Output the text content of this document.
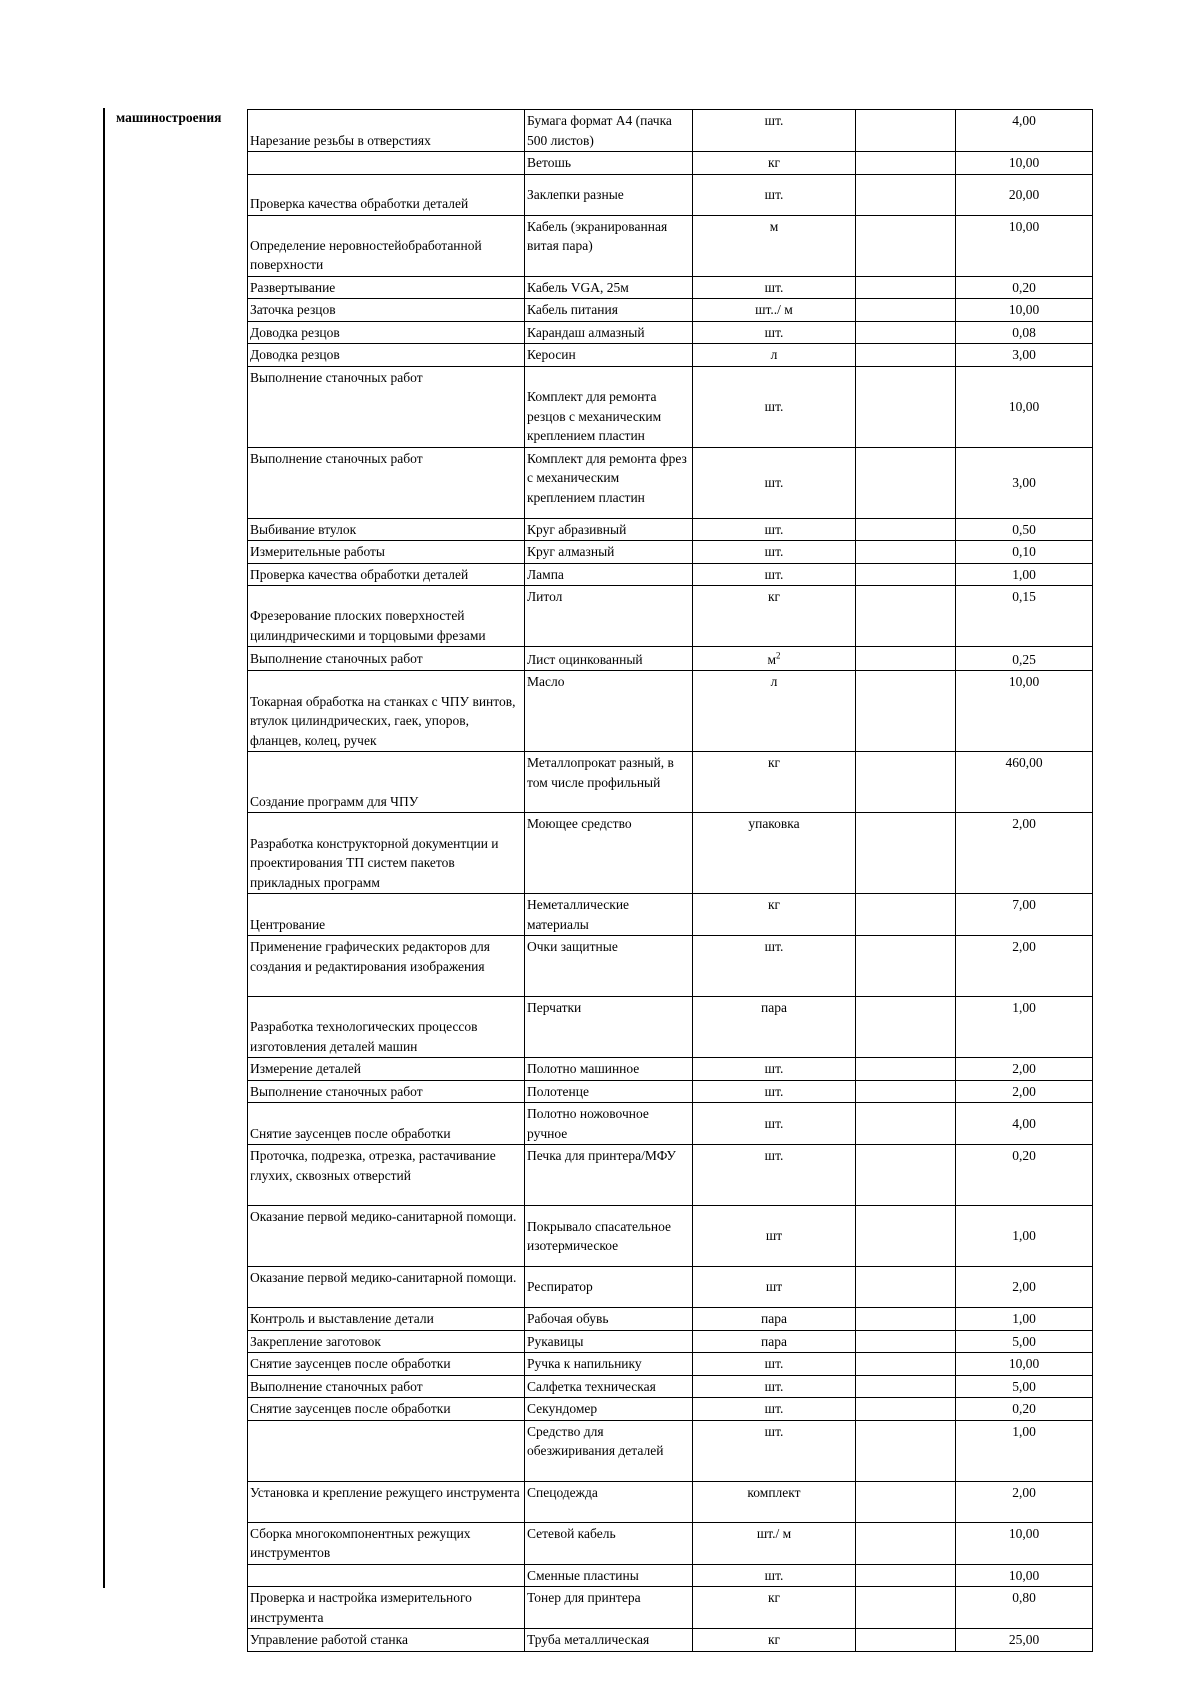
машиностроения
Нарезание резьбы в отверстиях	Бумага формат А4 (пачка 500 листов)	шт.		4,00
	Ветошь	кг		10,00
Проверка качества обработки деталей	Заклепки разные	шт.		20,00
Определение неровностейобработанной поверхности	Кабель (экранированная витая пара)	м		10,00
Развертывание	Кабель VGA, 25м	шт.		0,20
Заточка резцов	Кабель питания	шт../ м		10,00
Доводка резцов	Карандаш алмазный	шт.		0,08
Доводка резцов	Керосин	л		3,00
Выполнение станочных работ	Комплект для ремонта резцов с механическим креплением пластин	шт.		10,00
Выполнение станочных работ	Комплект для ремонта фрез с механическим креплением пластин	шт.		3,00
Выбивание втулок	Круг абразивный	шт.		0,50
Измерительные работы	Круг алмазный	шт.		0,10
Проверка качества обработки деталей	Лампа	шт.		1,00
Фрезерование плоских поверхностей цилиндрическими и торцовыми фрезами	Литол	кг		0,15
Выполнение станочных работ	Лист оцинкованный	$м^2$		0,25
Токарная обработка на станках с ЧПУ винтов, втулок цилиндрических, гаек, упоров, фланцев, колец, ручек	Масло	л		10,00
Создание программ для ЧПУ	Металлопрокат разный, в том числе профильный	кг		460,00
Разработка конструкторной документции и проектирования ТП систем пакетов прикладных программ	Моющее средство	упаковка		2,00
Центрование	Неметаллические материалы	кг		7,00
Применение графических редакторов для создания и редактирования изображения	Очки защитные	шт.		2,00
Разработка технологических процессов изготовления деталей машин	Перчатки	пара		1,00
Измерение деталей	Полотно машинное	шт.		2,00
Выполнение станочных работ	Полотенце	шт.		2,00
Снятие заусенцев после обработки	Полотно ножовочное ручное	шт.		4,00
Проточка, подрезка, отрезка, растачивание глухих, сквозных отверстий	Печка для принтера/МФУ	шт.		0,20
Оказание первой медико-санитарной помощи.	Покрывало спасательное изотермическое	шт		1,00
Оказание первой медико-санитарной помощи.	Респиратор	шт		2,00
Контроль и выставление детали	Рабочая обувь	пара		1,00
Закрепление заготовок	Рукавицы	пара		5,00
Снятие заусенцев после обработки	Ручка к напильнику	шт.		10,00
Выполнение станочных работ	Салфетка техническая	шт.		5,00
Снятие заусенцев после обработки	Секундомер	шт.		0,20
	Средство для обезжиривания деталей	шт.		1,00
Установка и крепление режущего инструмента	Спецодежда	комплект		2,00
Сборка многокомпонентных режущих инструментов	Сетевой кабель	шт./ м		10,00
	Сменные пластины	шт.		10,00
Проверка и настройка измерительного инструмента	Тонер для принтера	кг		0,80
Управление работой станка	Труба металлическая	кг		25,00
